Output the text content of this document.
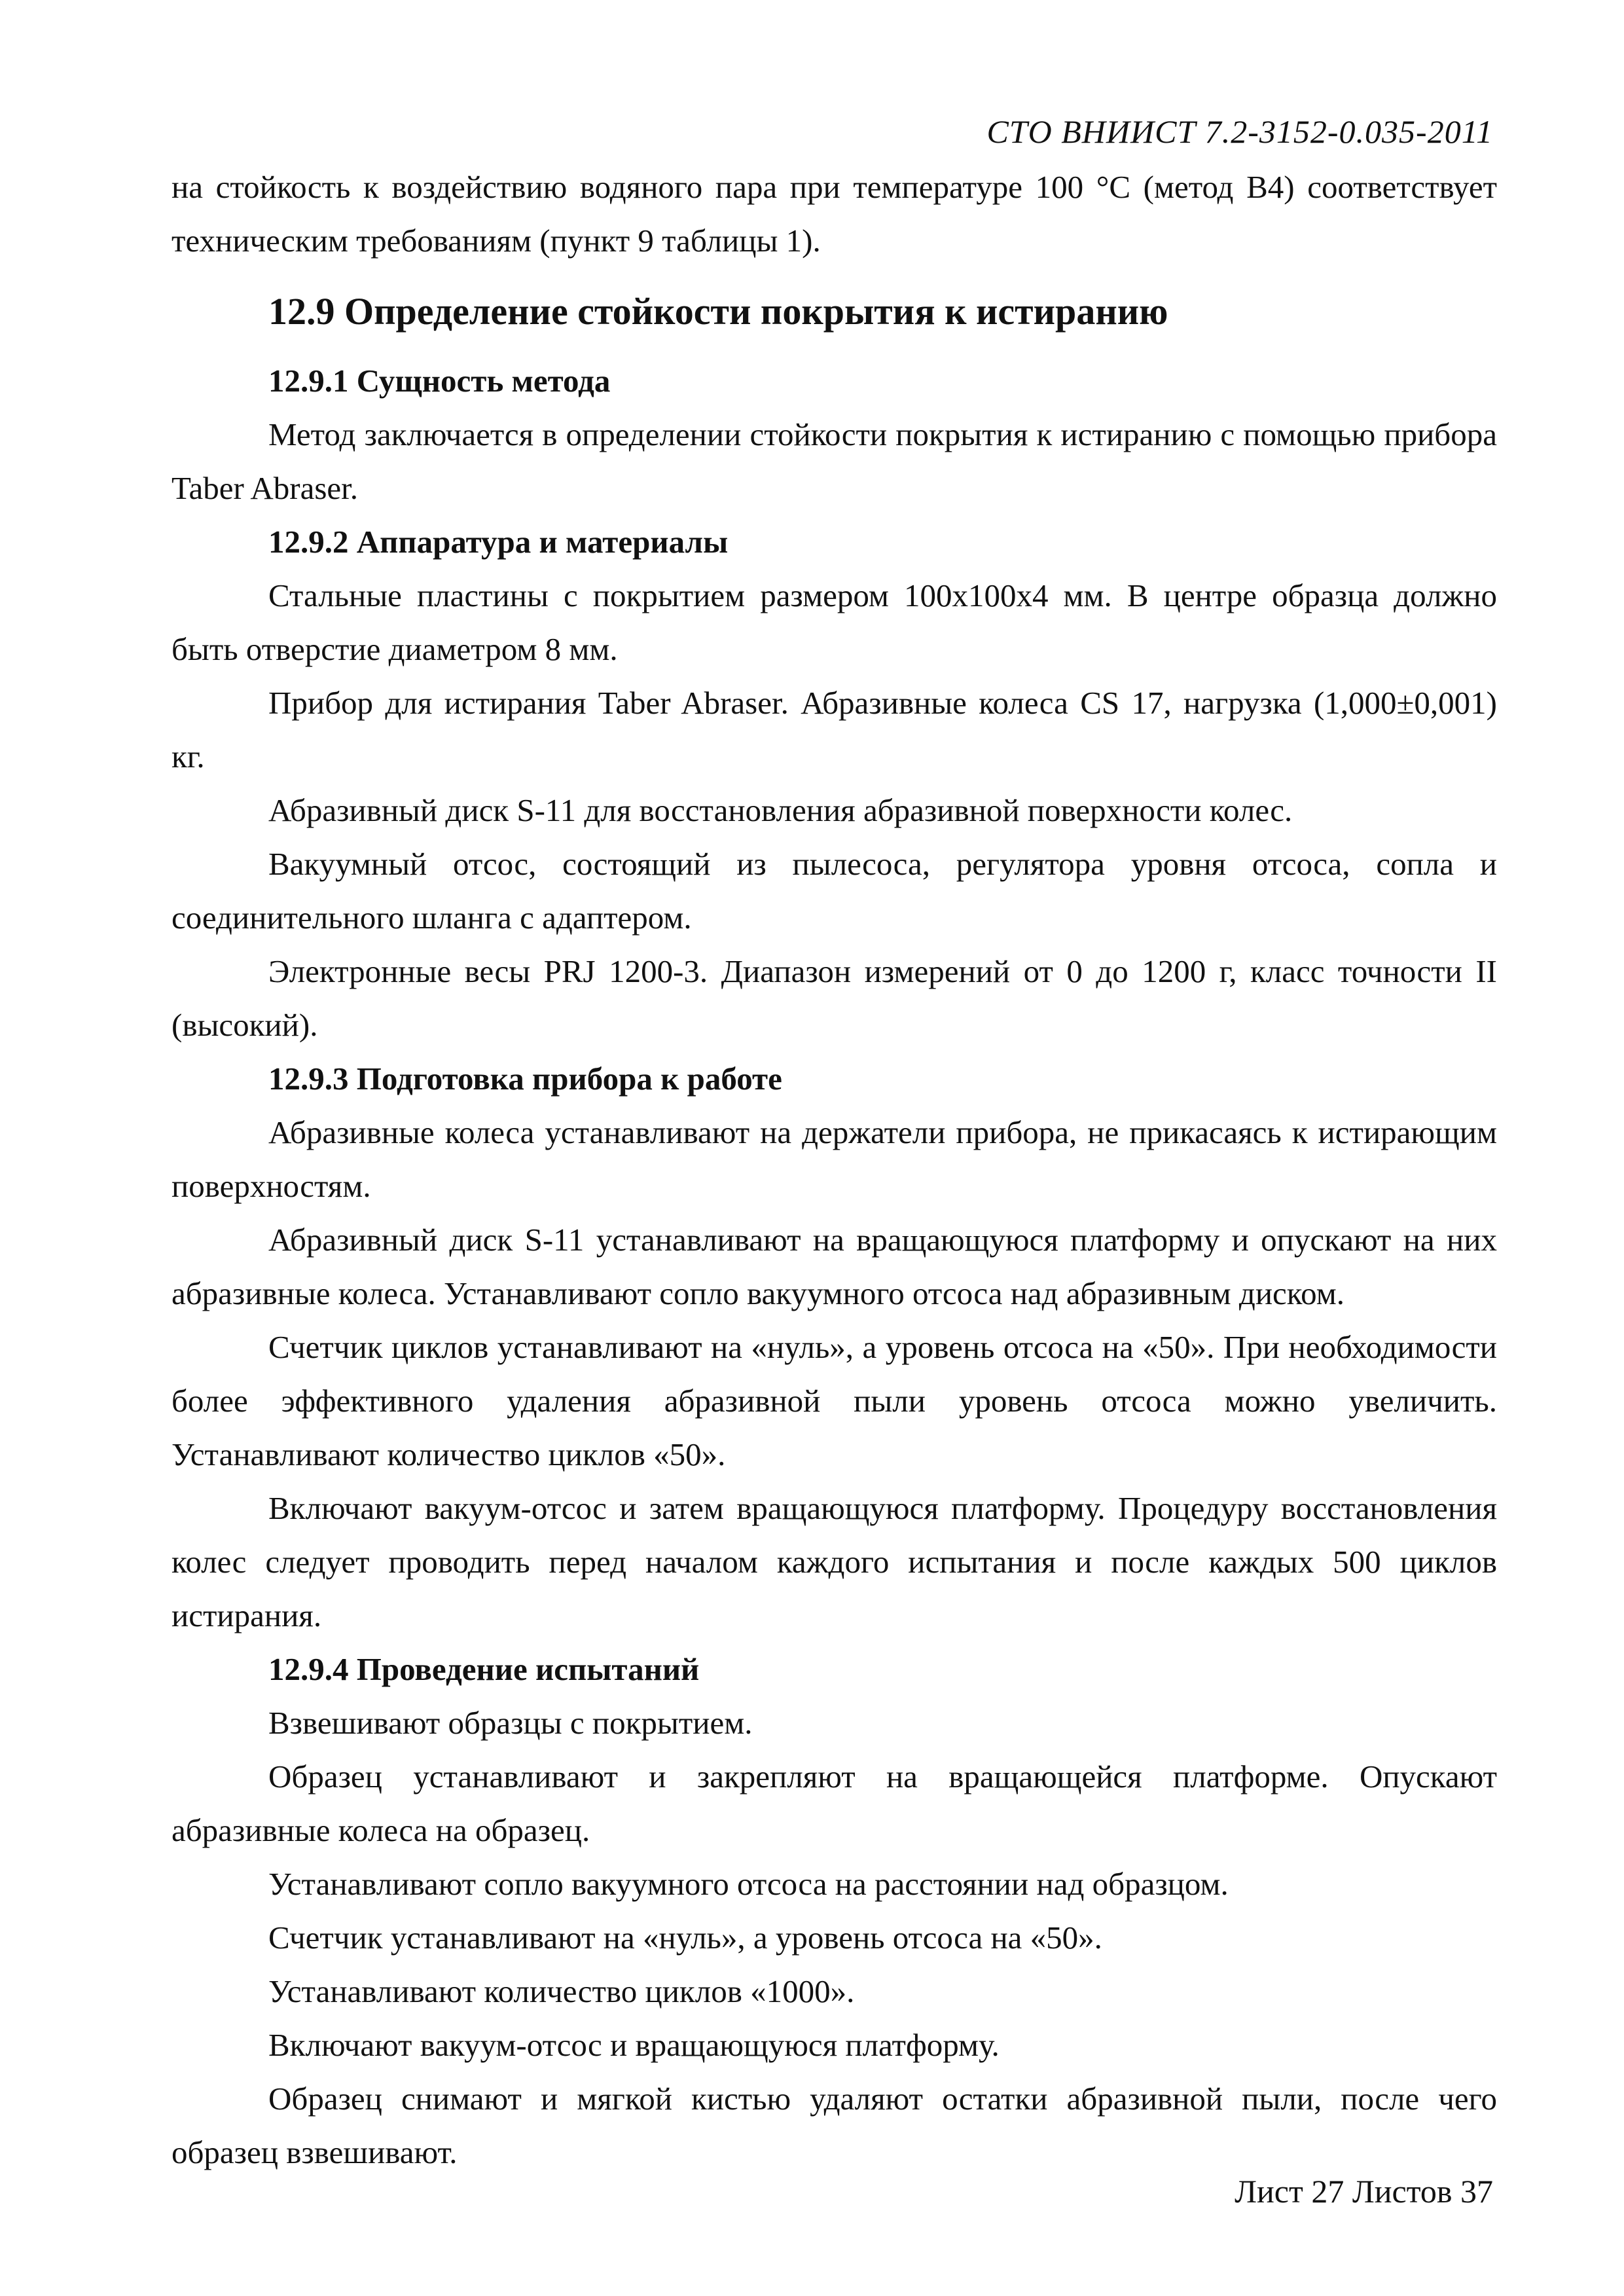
СТО ВНИИСТ 7.2-3152-0.035-2011

на стойкость к воздействию водяного пара при температуре 100 °С (метод В4) соответствует техническим требованиям (пункт 9 таблицы 1).

12.9 Определение стойкости покрытия к истиранию
12.9.1 Сущность метода

Метод заключается в определении стойкости покрытия к истиранию с помощью прибора Taber Abraser.

12.9.2 Аппаратура и материалы

Стальные пластины с покрытием размером 100х100х4 мм. В центре образца должно быть отверстие диаметром 8 мм.

Прибор для истирания Taber Abraser. Абразивные колеса CS 17, нагрузка (1,000±0,001) кг.

Абразивный диск S-11 для восстановления абразивной поверхности колес.

Вакуумный отсос, состоящий из пылесоса, регулятора уровня отсоса, сопла и соединительного шланга с адаптером.

Электронные весы PRJ 1200-3. Диапазон измерений от 0 до 1200 г, класс точности II (высокий).

12.9.3 Подготовка прибора к работе

Абразивные колеса устанавливают на держатели прибора, не прикасаясь к истирающим поверхностям.

Абразивный диск S-11 устанавливают на вращающуюся платформу и опускают на них абразивные колеса. Устанавливают сопло вакуумного отсоса над абразивным диском.

Счетчик циклов устанавливают на «нуль», а уровень отсоса на «50». При необходимости более эффективного удаления абразивной пыли уровень отсоса можно увеличить. Устанавливают количество циклов «50».

Включают вакуум-отсос и затем вращающуюся платформу. Процедуру восстановления колес следует проводить перед началом каждого испытания и после каждых 500 циклов истирания.

12.9.4 Проведение испытаний

Взвешивают образцы с покрытием.

Образец устанавливают и закрепляют на вращающейся платформе. Опускают абразивные колеса на образец.

Устанавливают сопло вакуумного отсоса на расстоянии над образцом.

Счетчик устанавливают на «нуль», а уровень отсоса на «50».

Устанавливают количество циклов «1000».

Включают вакуум-отсос и вращающуюся платформу.

Образец снимают и мягкой кистью удаляют остатки абразивной пыли, после чего образец взвешивают.

Лист 27 Листов 37
